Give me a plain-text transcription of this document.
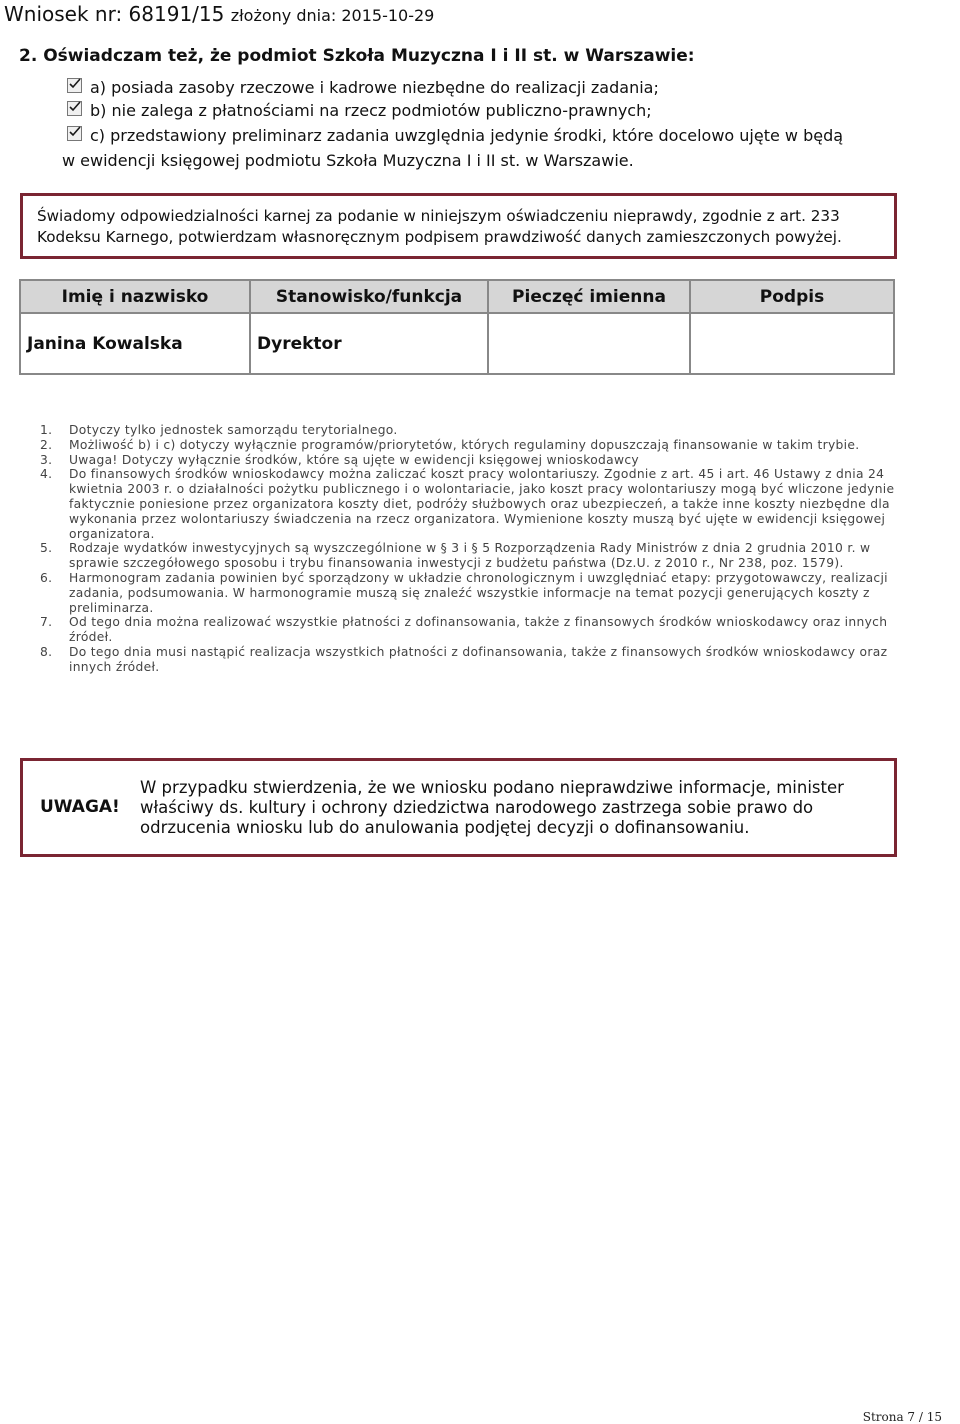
Wniosek nr: 68191/15 złożony dnia: 2015-10-29
2. Oświadczam też, że podmiot Szkoła Muzyczna I i II st. w Warszawie:
a) posiada zasoby rzeczowe i kadrowe niezbędne do realizacji zadania;
b) nie zalega z płatnościami na rzecz podmiotów publiczno-prawnych;
c) przedstawiony preliminarz zadania uwzględnia jedynie środki, które docelowo ujęte w będą
w ewidencji księgowej podmiotu Szkoła Muzyczna I i II st. w Warszawie.
Świadomy odpowiedzialności karnej za podanie w niniejszym oświadczeniu nieprawdy, zgodnie z art. 233 Kodeksu Karnego, potwierdzam własnoręcznym podpisem prawdziwość danych zamieszczonych powyżej.
Imię i nazwisko	Stanowisko/funkcja	Pieczęć imienna	Podpis
Janina Kowalska	Dyrektor		
1.	Dotyczy tylko jednostek samorządu terytorialnego.
2.	Możliwość b) i c) dotyczy wyłącznie programów/priorytetów, których regulaminy dopuszczają finansowanie w takim trybie.
3.	Uwaga! Dotyczy wyłącznie środków, które są ujęte w ewidencji księgowej wnioskodawcy
4.	Do finansowych środków wnioskodawcy można zaliczać koszt pracy wolontariuszy. Zgodnie z art. 45 i art. 46 Ustawy z dnia 24 kwietnia 2003 r. o działalności pożytku publicznego i o wolontariacie, jako koszt pracy wolontariuszy mogą być wliczone jedynie faktycznie poniesione przez organizatora koszty diet, podróży służbowych oraz ubezpieczeń, a także inne koszty niezbędne dla wykonania przez wolontariuszy świadczenia na rzecz organizatora. Wymienione koszty muszą być ujęte w ewidencji księgowej organizatora.
5.	Rodzaje wydatków inwestycyjnych są wyszczególnione w § 3 i § 5 Rozporządzenia Rady Ministrów z dnia 2 grudnia 2010 r. w sprawie szczegółowego sposobu i trybu finansowania inwestycji z budżetu państwa (Dz.U. z 2010 r., Nr 238, poz. 1579).
6.	Harmonogram zadania powinien być sporządzony w układzie chronologicznym i uwzględniać etapy: przygotowawczy, realizacji zadania, podsumowania. W harmonogramie muszą się znaleźć wszystkie informacje na temat pozycji generujących koszty z preliminarza.
7.	Od tego dnia można realizować wszystkie płatności z dofinansowania, także z finansowych środków wnioskodawcy oraz innych źródeł.
8.	Do tego dnia musi nastąpić realizacja wszystkich płatności z dofinansowania, także z finansowych środków wnioskodawcy oraz innych źródeł.
UWAGA!
W przypadku stwierdzenia, że we wniosku podano nieprawdziwe informacje, minister właściwy ds. kultury i ochrony dziedzictwa narodowego zastrzega sobie prawo do odrzucenia wniosku lub do anulowania podjętej decyzji o dofinansowaniu.
Strona 7 / 15
